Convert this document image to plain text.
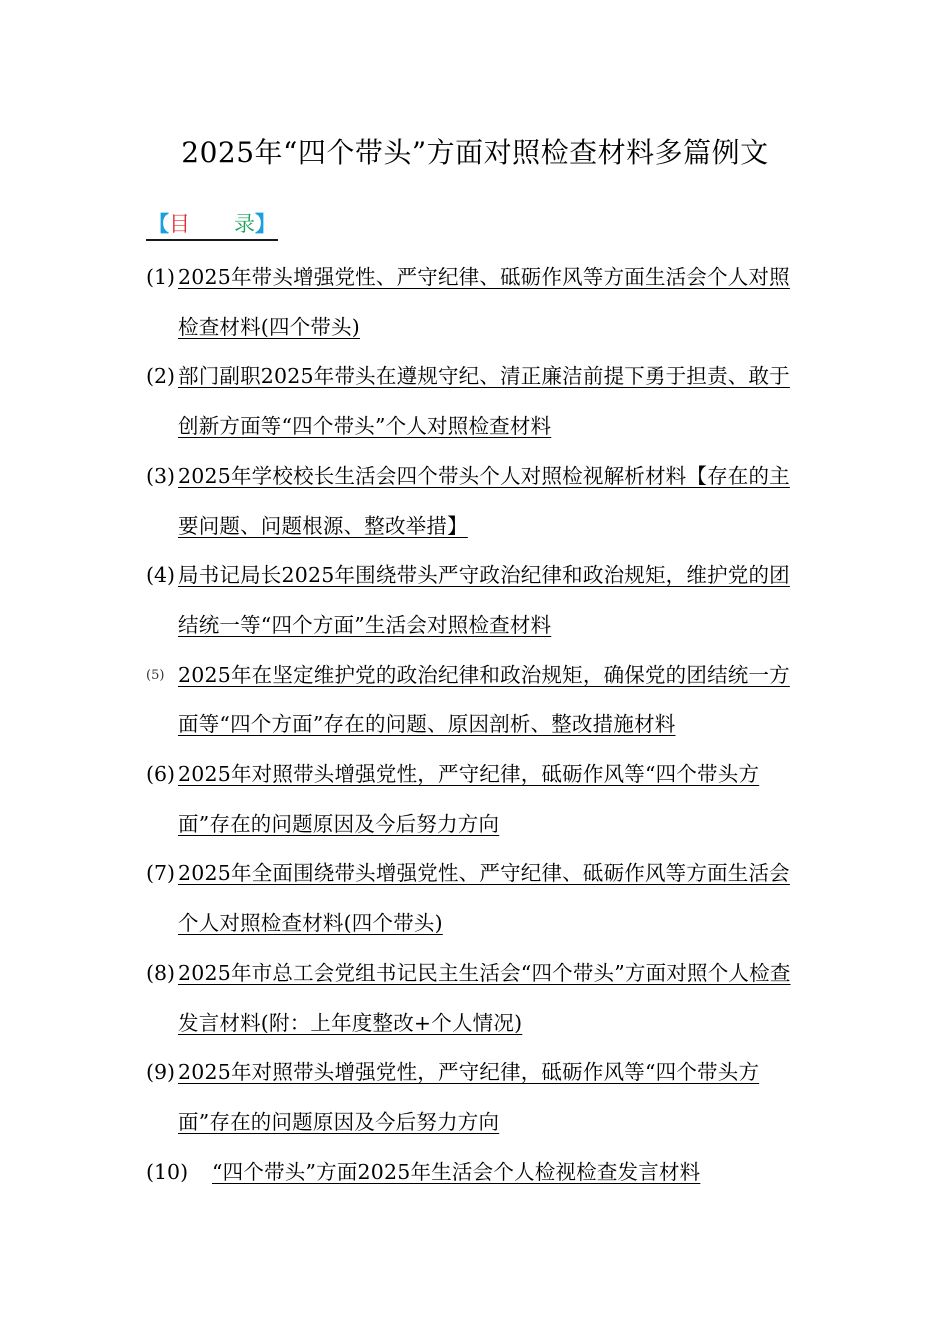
2025年“四个带头”方面对照检查材料多篇例文
【目 录】
(1) 2025年带头增强党性、严守纪律、砥砺作风等方面生活会个人对照检查材料(四个带头)
(2) 部门副职2025年带头在遵规守纪、清正廉洁前提下勇于担责、敢于创新方面等“四个带头”个人对照检查材料
(3) 2025年学校校长生活会四个带头个人对照检视解析材料【存在的主要问题、问题根源、整改举措】
(4) 局书记局长2025年围绕带头严守政治纪律和政治规矩，维护党的团结统一等“四个方面”生活会对照检查材料
(5) 2025年在坚定维护党的政治纪律和政治规矩，确保党的团结统一方面等“四个方面”存在的问题、原因剖析、整改措施材料
(6) 2025年对照带头增强党性，严守纪律，砥砺作风等“四个带头方面”存在的问题原因及今后努力方向
(7) 2025年全面围绕带头增强党性、严守纪律、砥砺作风等方面生活会个人对照检查材料(四个带头)
(8) 2025年市总工会党组书记民主生活会“四个带头”方面对照个人检查发言材料(附：上年度整改+个人情况)
(9) 2025年对照带头增强党性，严守纪律，砥砺作风等“四个带头方面”存在的问题原因及今后努力方向
(10) “四个带头”方面2025年生活会个人检视检查发言材料
